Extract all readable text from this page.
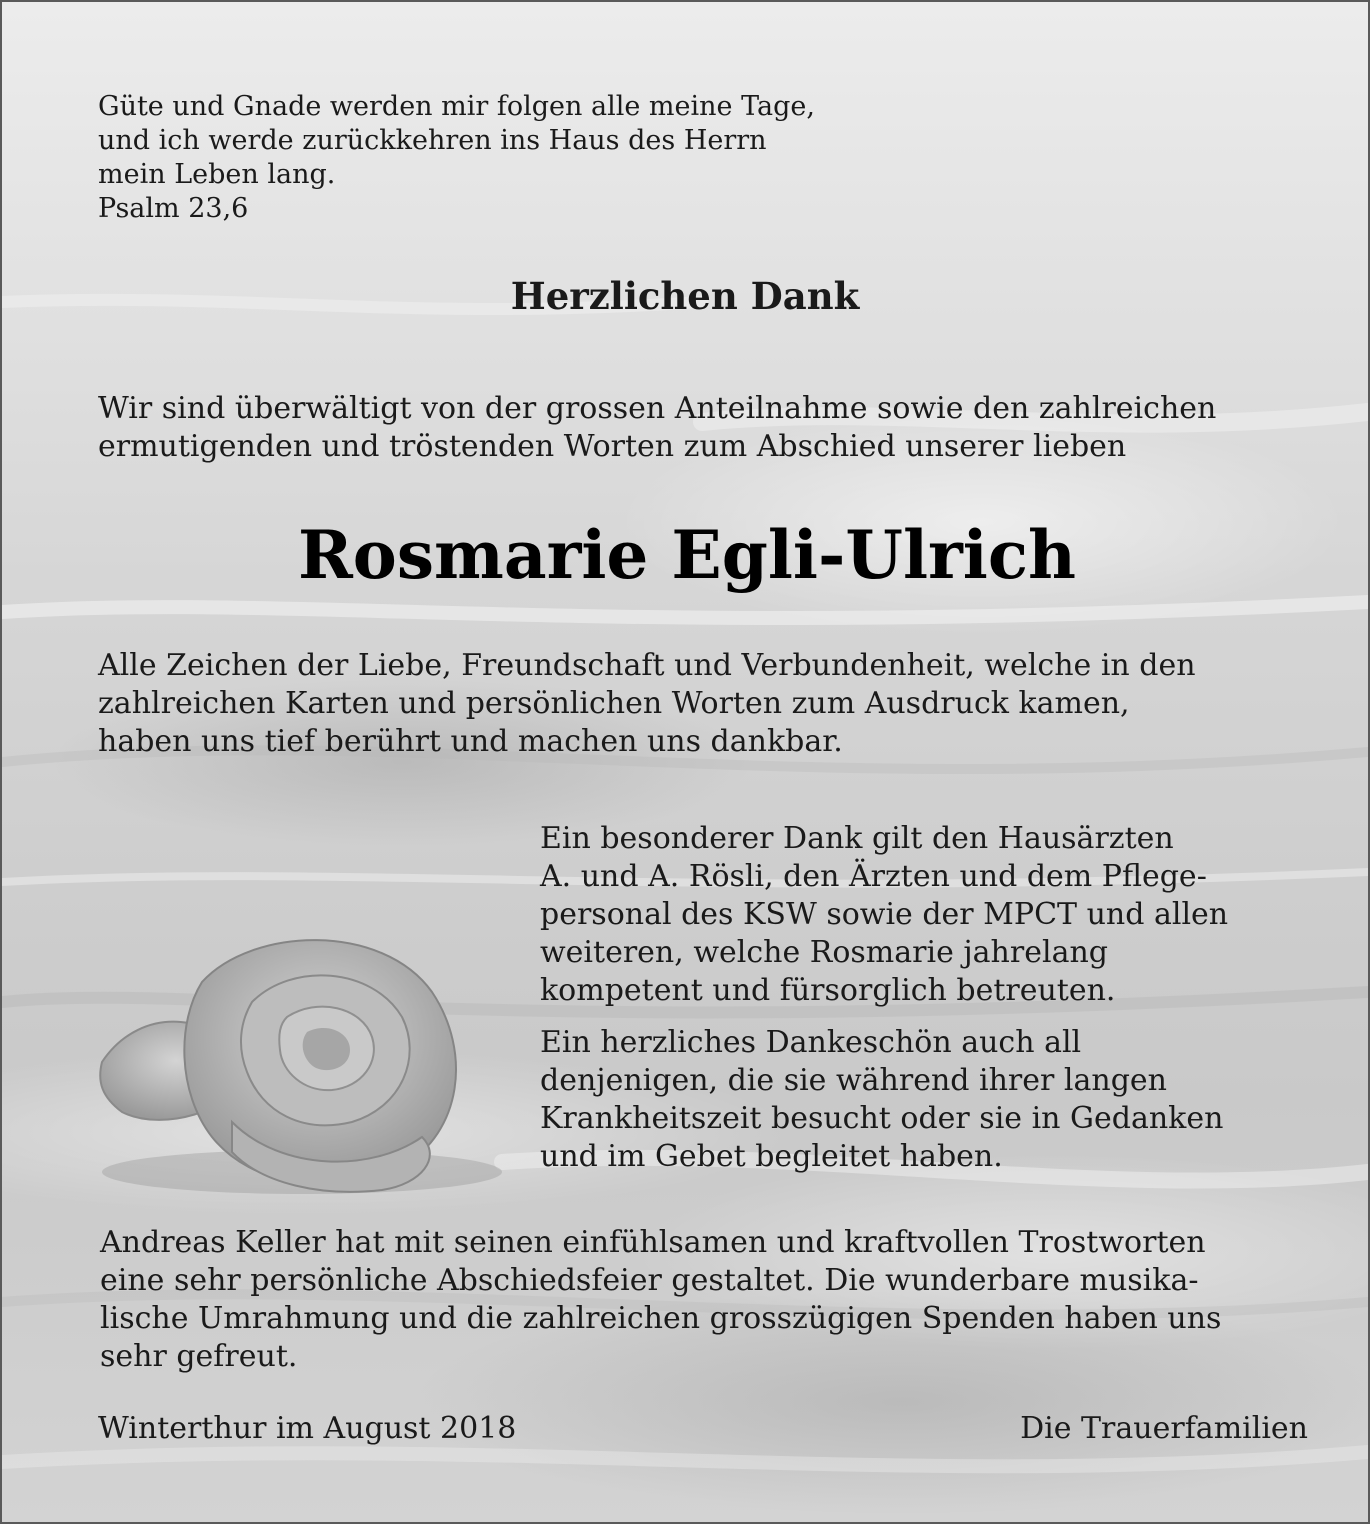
Güte und Gnade werden mir folgen alle meine Tage,
und ich werde zurückkehren ins Haus des Herrn
mein Leben lang.
Psalm 23,6

Herzlichen Dank

Wir sind überwältigt von der grossen Anteilnahme sowie den zahlreichen
ermutigenden und tröstenden Worten zum Abschied unserer lieben

Rosmarie Egli-Ulrich

Alle Zeichen der Liebe, Freundschaft und Verbundenheit, welche in den
zahlreichen Karten und persönlichen Worten zum Ausdruck kamen,
haben uns tief berührt und machen uns dankbar.

Ein besonderer Dank gilt den Hausärzten
A. und A. Rösli, den Ärzten und dem Pflege-
personal des KSW sowie der MPCT und allen
weiteren, welche Rosmarie jahrelang
kompetent und fürsorglich betreuten.

Ein herzliches Dankeschön auch all
denjenigen, die sie während ihrer langen
Krankheitszeit besucht oder sie in Gedanken
und im Gebet begleitet haben.

Andreas Keller hat mit seinen einfühlsamen und kraftvollen Trostworten
eine sehr persönliche Abschiedsfeier gestaltet. Die wunderbare musika-
lische Umrahmung und die zahlreichen grosszügigen Spenden haben uns
sehr gefreut.

Winterthur im August 2018	Die Trauerfamilien
